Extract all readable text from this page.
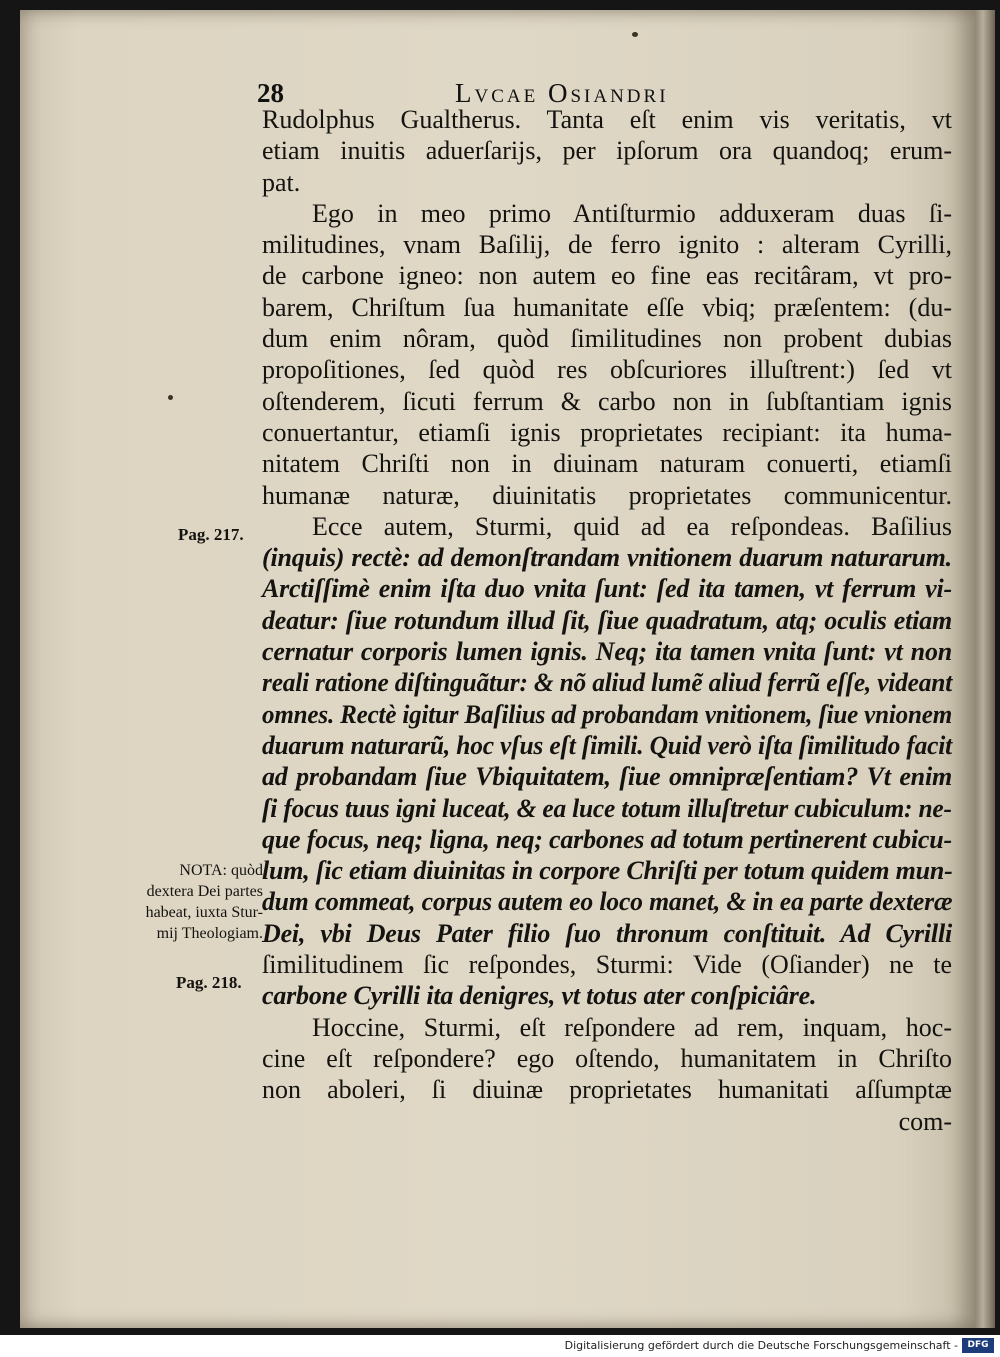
28	Lvcae Osiandri
Rudolphus Gualtherus. Tanta eſt enim vis veritatis, vt
etiam inuitis aduerſarijs, per ipſorum ora quandoq; erum-
pat.
Ego in meo primo Antiſturmio adduxeram duas ſi-
militudines, vnam Baſilij, de ferro ignito : alteram Cyrilli,
de carbone igneo: non autem eo fine eas recitâram, vt pro-
barem, Chriſtum ſua humanitate eſſe vbiq; præſentem: (du-
dum enim nôram, quòd ſimilitudines non probent dubias
propoſitiones, ſed quòd res obſcuriores illuſtrent:) ſed vt
oſtenderem, ſicuti ferrum & carbo non in ſubſtantiam ignis
conuertantur, etiamſi ignis proprietates recipiant: ita huma-
nitatem Chriſti non in diuinam naturam conuerti, etiamſi
humanæ naturæ, diuinitatis proprietates communicentur.
Ecce autem, Sturmi, quid ad ea reſpondeas. Baſilius
(inquis) rectè: ad demonſtrandam vnitionem duarum naturarum.
Arctiſſimè enim iſta duo vnita ſunt: ſed ita tamen, vt ferrum vi-
deatur: ſiue rotundum illud ſit, ſiue quadratum, atq; oculis etiam
cernatur corporis lumen ignis. Neq; ita tamen vnita ſunt: vt non
reali ratione diſtinguãtur: & nõ aliud lumẽ aliud ferrũ eſſe, videant
omnes. Rectè igitur Baſilius ad probandam vnitionem, ſiue vnionem
duarum naturarũ, hoc vſus eſt ſimili. Quid verò iſta ſimilitudo facit
ad probandam ſiue Vbiquitatem, ſiue omnipræſentiam? Vt enim
ſi focus tuus igni luceat, & ea luce totum illuſtretur cubiculum: ne-
que focus, neq; ligna, neq; carbones ad totum pertinerent cubicu-
lum, ſic etiam diuinitas in corpore Chriſti per totum quidem mun-
dum commeat, corpus autem eo loco manet, & in ea parte dexteræ
Dei, vbi Deus Pater filio ſuo thronum conſtituit. Ad Cyrilli
ſimilitudinem ſic reſpondes, Sturmi: Vide (Oſiander) ne te
carbone Cyrilli ita denigres, vt totus ater conſpiciâre.
Hoccine, Sturmi, eſt reſpondere ad rem, inquam, hoc-
cine eſt reſpondere? ego oſtendo, humanitatem in Chriſto
non aboleri, ſi diuinæ proprietates humanitati aſſumptæ
com-
Pag. 217.
NOTA: quòd
dextera Dei partes
habeat, iuxta Stur-
mij Theologiam.
Pag. 218.
Digitalisierung gefördert durch die Deutsche Forschungsgemeinschaft -	DFG
